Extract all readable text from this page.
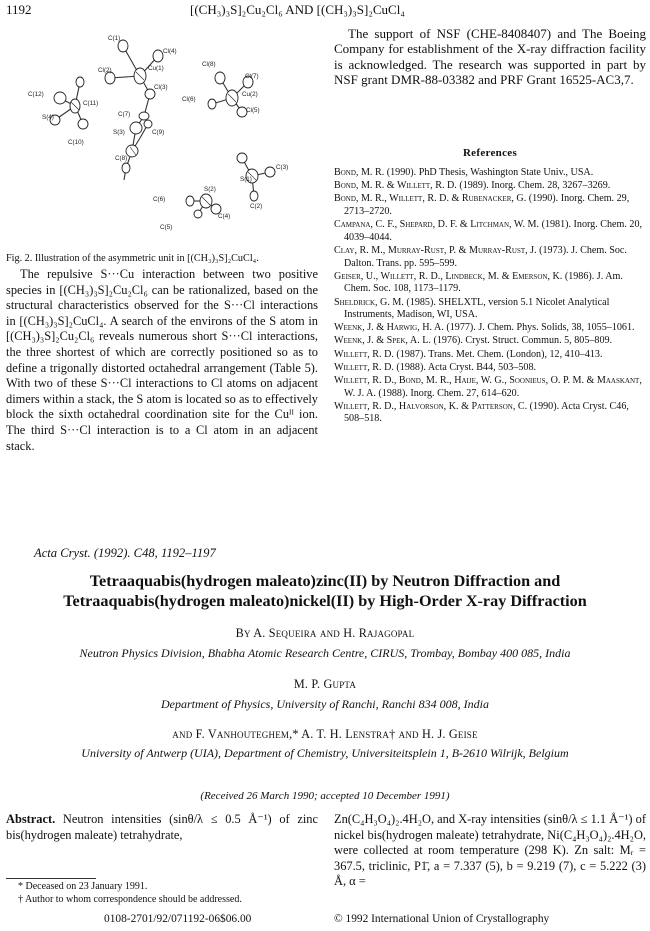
1192	[(CH₃)₃S]₂Cu₂Cl₆ AND [(CH₃)₃S]₂CuCl₄
C(1)
Cl(4)
Cl(2)	Cu(1)
Cl(3)
C(12)
C(11)
S(4)	C(7)
S(3)	C(9)
C(10)
C(8)
Cl(8)
Cl(7)
Cl(6)
Cu(2)
Cl(5)
S(1)
C(3)
C(2)
C(6)
S(2)
C(4)
C(5)
Fig. 2. Illustration of the asymmetric unit in [(CH₃)₃S]₂CuCl₄.
The repulsive S···Cu interaction between two positive species in [(CH₃)₃S]₂Cu₂Cl₆ can be rationalized, based on the structural characteristics observed for the S···Cl interactions in [(CH₃)₃S]₂CuCl₄. A search of the environs of the S atom in [(CH₃)₃S]₂Cu₂Cl₆ reveals numerous short S···Cl interactions, the three shortest of which are correctly positioned so as to define a trigonally distorted octahedral arrangement (Table 5). With two of these S···Cl interactions to Cl atoms on adjacent dimers within a stack, the S atom is located so as to effectively block the sixth octahedral coordination site for the Cuᴵᴵ ion. The third S···Cl interaction is to a Cl atom in an adjacent stack.
The support of NSF (CHE-8408407) and The Boeing Company for establishment of the X-ray diffraction facility is acknowledged. The research was supported in part by NSF grant DMR-88-03382 and PRF Grant 16525-AC3,7.
References
Bond, M. R. (1990). PhD Thesis, Washington State Univ., USA.
Bond, M. R. & Willett, R. D. (1989). Inorg. Chem. 28, 3267–3269.
Bond, M. R., Willett, R. D. & Rubenacker, G. (1990). Inorg. Chem. 29, 2713–2720.
Campana, C. F., Shepard, D. F. & Litchman, W. M. (1981). Inorg. Chem. 20, 4039–4044.
Clay, R. M., Murray-Rust, P. & Murray-Rust, J. (1973). J. Chem. Soc. Dalton. Trans. pp. 595–599.
Geiser, U., Willett, R. D., Lindbeck, M. & Emerson, K. (1986). J. Am. Chem. Soc. 108, 1173–1179.
Sheldrick, G. M. (1985). SHELXTL, version 5.1 Nicolet Analytical Instruments, Madison, WI, USA.
Weenk, J. & Harwig, H. A. (1977). J. Chem. Phys. Solids, 38, 1055–1061.
Weenk, J. & Spek, A. L. (1976). Cryst. Struct. Commun. 5, 805–809.
Willett, R. D. (1987). Trans. Met. Chem. (London), 12, 410–413.
Willett, R. D. (1988). Acta Cryst. B44, 503–508.
Willett, R. D., Bond, M. R., Haije, W. G., Soonieus, O. P. M. & Maaskant, W. J. A. (1988). Inorg. Chem. 27, 614–620.
Willett, R. D., Halvorson, K. & Patterson, C. (1990). Acta Cryst. C46, 508–518.
Acta Cryst. (1992). C48, 1192–1197
Tetraaquabis(hydrogen maleato)zinc(II) by Neutron Diffraction and
Tetraaquabis(hydrogen maleato)nickel(II) by High-Order X-ray Diffraction
By A. Sequeira and H. Rajagopal
Neutron Physics Division, Bhabha Atomic Research Centre, CIRUS, Trombay, Bombay 400 085, India
M. P. Gupta
Department of Physics, University of Ranchi, Ranchi 834 008, India
and F. Vanhouteghem,* A. T. H. Lenstra† and H. J. Geise
University of Antwerp (UIA), Department of Chemistry, Universiteitsplein 1, B-2610 Wilrijk, Belgium
(Received 26 March 1990; accepted 10 December 1991)
Abstract. Neutron intensities (sinθ/λ ≤ 0.5 Å⁻¹) of zinc bis(hydrogen maleate) tetrahydrate,
Zn(C₄H₃O₄)₂.4H₂O, and X-ray intensities (sinθ/λ ≤ 1.1 Å⁻¹) of nickel bis(hydrogen maleate) tetrahydrate, Ni(C₄H₃O₄)₂.4H₂O, were collected at room temperature (298 K). Zn salt: Mᵣ = 367.5, triclinic, P1̄, a = 7.337 (5), b = 9.219 (7), c = 5.222 (3) Å, α =
* Deceased on 23 January 1991.
† Author to whom correspondence should be addressed.
0108-2701/92/071192-06$06.00	© 1992 International Union of Crystallography
